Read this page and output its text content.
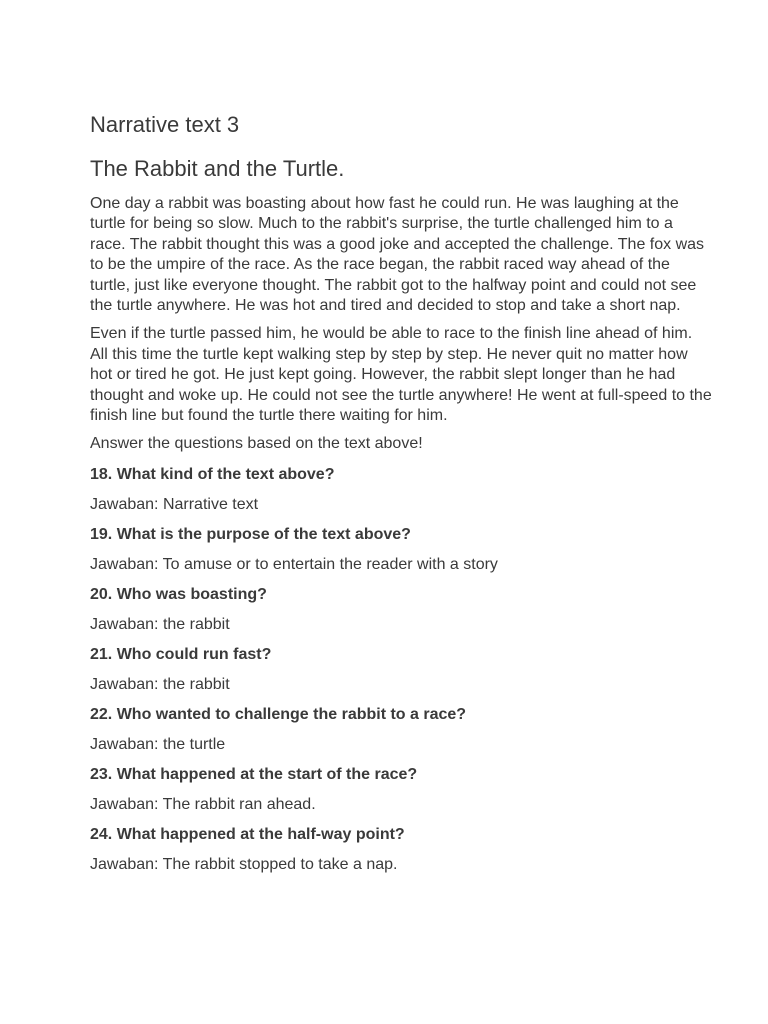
Narrative text 3
The Rabbit and the Turtle.

One day a rabbit was boasting about how fast he could run. He was laughing at the turtle for being so slow. Much to the rabbit's surprise, the turtle challenged him to a race. The rabbit thought this was a good joke and accepted the challenge. The fox was to be the umpire of the race. As the race began, the rabbit raced way ahead of the turtle, just like everyone thought. The rabbit got to the halfway point and could not see the turtle anywhere. He was hot and tired and decided to stop and take a short nap.

Even if the turtle passed him, he would be able to race to the finish line ahead of him. All this time the turtle kept walking step by step by step. He never quit no matter how hot or tired he got. He just kept going. However, the rabbit slept longer than he had thought and woke up. He could not see the turtle anywhere! He went at full-speed to the finish line but found the turtle there waiting for him.

Answer the questions based on the text above!

18. What kind of the text above?

Jawaban: Narrative text

19. What is the purpose of the text above?

Jawaban: To amuse or to entertain the reader with a story

20. Who was boasting?

Jawaban: the rabbit

21. Who could run fast?

Jawaban: the rabbit

22. Who wanted to challenge the rabbit to a race?

Jawaban: the turtle

23. What happened at the start of the race?

Jawaban: The rabbit ran ahead.

24. What happened at the half-way point?

Jawaban: The rabbit stopped to take a nap.
